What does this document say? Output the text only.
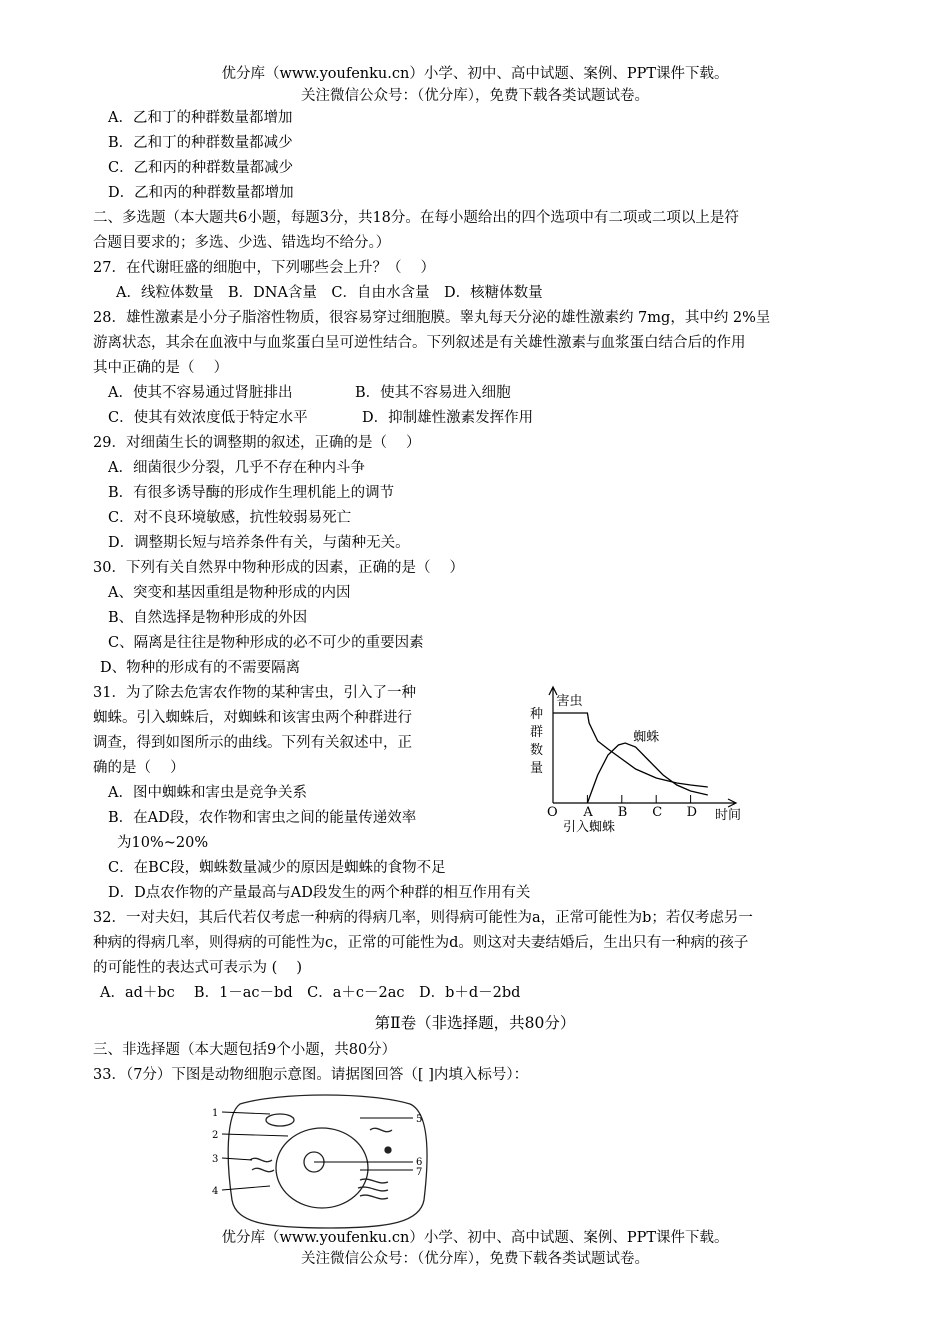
优分库（www.youfenku.cn）小学、初中、高中试题、案例、PPT课件下载。
关注微信公众号：（优分库），免费下载各类试题试卷。
A．乙和丁的种群数量都增加
B．乙和丁的种群数量都减少
C．乙和丙的种群数量都减少
D．乙和丙的种群数量都增加
二、多选题（本大题共6小题，每题3分，共18分。在每小题给出的四个选项中有二项或二项以上是符
合题目要求的；多选、少选、错选均不给分。）
27．在代谢旺盛的细胞中，下列哪些会上升？（　 ）
A．线粒体数量　B．DNA含量　C．自由水含量　D．核糖体数量
28．雄性激素是小分子脂溶性物质，很容易穿过细胞膜。睾丸每天分泌的雄性激素约 7mg，其中约 2%呈
游离状态，其余在血液中与血浆蛋白呈可逆性结合。下列叙述是有关雄性激素与血浆蛋白结合后的作用
其中正确的是（　 ）
A．使其不容易通过肾脏排出	B．使其不容易进入细胞
C．使其有效浓度低于特定水平	D．抑制雄性激素发挥作用
29．对细菌生长的调整期的叙述，正确的是（　 ）
A．细菌很少分裂，几乎不存在种内斗争
B．有很多诱导酶的形成作生理机能上的调节
C．对不良环境敏感，抗性较弱易死亡
D．调整期长短与培养条件有关，与菌种无关。
30．下列有关自然界中物种形成的因素，正确的是（　 ）
A、突变和基因重组是物种形成的内因
B、自然选择是物种形成的外因
C、隔离是往往是物种形成的必不可少的重要因素
D、物种的形成有的不需要隔离
31．为了除去危害农作物的某种害虫，引入了一种
蜘蛛。引入蜘蛛后，对蜘蛛和该害虫两个种群进行
调查，得到如图所示的曲线。下列有关叙述中，正
确的是（　 ）
A．图中蜘蛛和害虫是竞争关系
B．在AD段，农作物和害虫之间的能量传递效率
为10%~20%
C．在BC段，蜘蛛数量减少的原因是蜘蛛的食物不足
D．D点农作物的产量最高与AD段发生的两个种群的相互作用有关
害虫
蜘蛛
O A B C D
种
群
数
量
时间
引入蜘蛛
32．一对夫妇，其后代若仅考虑一种病的得病几率，则得病可能性为a，正常可能性为b；若仅考虑另一
种病的得病几率，则得病的可能性为c，正常的可能性为d。则这对夫妻结婚后，生出只有一种病的孩子
的可能性的表达式可表示为 (　 )
A．ad＋bc　 B．1－ac－bd　C．a＋c－2ac　D．b＋d－2bd
第Ⅱ卷（非选择题，共80分）
三、非选择题（本大题包括9个小题，共80分）
33．（7分）下图是动物细胞示意图。请据图回答（[ ]内填入标号）：
1
2
3
4
5
6
7
优分库（www.youfenku.cn）小学、初中、高中试题、案例、PPT课件下载。
关注微信公众号：（优分库），免费下载各类试题试卷。
